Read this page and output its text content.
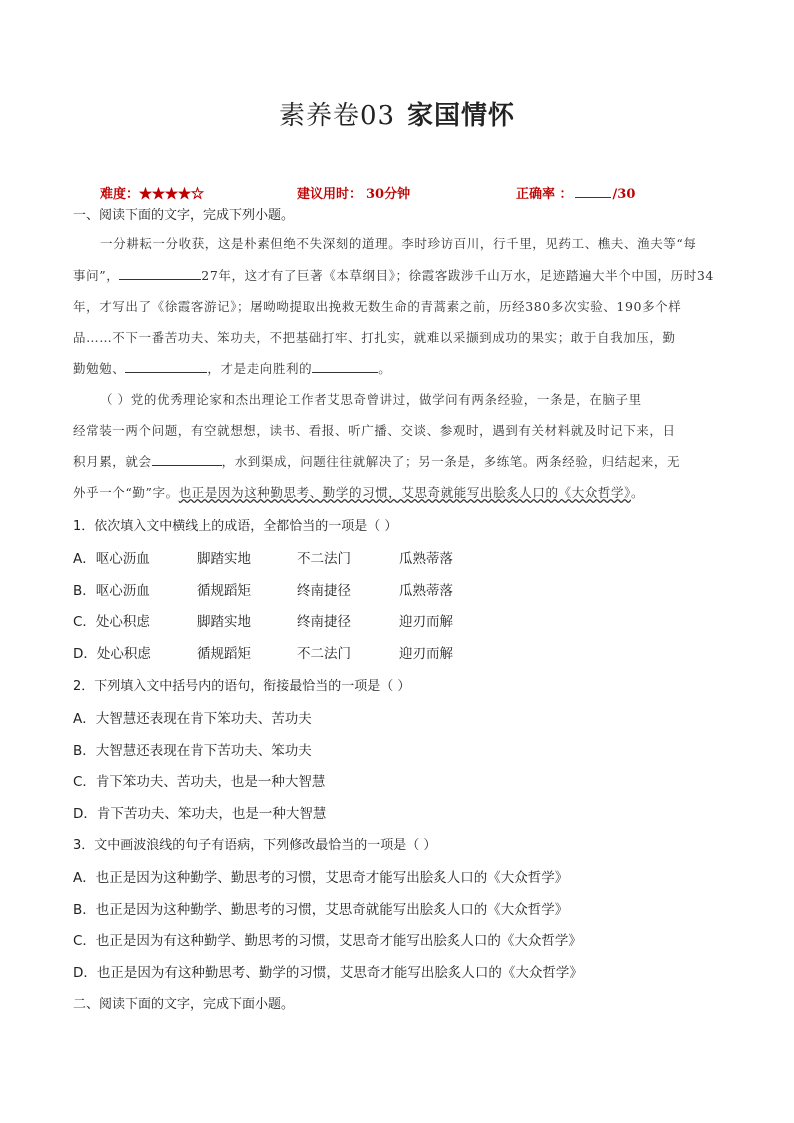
素养卷03 家国情怀
难度：★★★★☆	建议用时： 30分钟	正确率 ：	/30
一、阅读下面的文字，完成下列小题。
一分耕耘一分收获，这是朴素但绝不失深刻的道理。李时珍访百川，行千里，见药工、樵夫、渔夫等“每
事问”，	27年，这才有了巨著《本草纲目》；徐霞客跋涉千山万水，足迹踏遍大半个中国，历时34
年，才写出了《徐霞客游记》；屠呦呦提取出挽救无数生命的青蒿素之前，历经380多次实验、190多个样
品……不下一番苦功夫、笨功夫，不把基础打牢、打扎实，就难以采撷到成功的果实；敢于自我加压，勤
勤勉勉、	，才是走向胜利的	。
（ ）党的优秀理论家和杰出理论工作者艾思奇曾讲过，做学问有两条经验，一条是，在脑子里
经常装一两个问题，有空就想想，读书、看报、听广播、交谈、参观时，遇到有关材料就及时记下来，日
积月累，就会	，水到渠成，问题往往就解决了；另一条是，多练笔。两条经验，归结起来，无
外乎一个“勤”字。也正是因为这种勤思考、勤学的习惯，艾思奇就能写出脍炙人口的《大众哲学》。
1．依次填入文中横线上的成语，全都恰当的一项是（ ）
A．呕心沥血	脚踏实地	不二法门	瓜熟蒂落
B．呕心沥血	循规蹈矩	终南捷径	瓜熟蒂落
C．处心积虑	脚踏实地	终南捷径	迎刃而解
D．处心积虑	循规蹈矩	不二法门	迎刃而解
2．下列填入文中括号内的语句，衔接最恰当的一项是（ ）
A．大智慧还表现在肯下笨功夫、苦功夫
B．大智慧还表现在肯下苦功夫、笨功夫
C．肯下笨功夫、苦功夫，也是一种大智慧
D．肯下苦功夫、笨功夫，也是一种大智慧
3．文中画波浪线的句子有语病，下列修改最恰当的一项是（ ）
A．也正是因为这种勤学、勤思考的习惯，艾思奇才能写出脍炙人口的《大众哲学》
B．也正是因为这种勤学、勤思考的习惯，艾思奇就能写出脍炙人口的《大众哲学》
C．也正是因为有这种勤学、勤思考的习惯，艾思奇才能写出脍炙人口的《大众哲学》
D．也正是因为有这种勤思考、勤学的习惯，艾思奇才能写出脍炙人口的《大众哲学》
二、阅读下面的文字，完成下面小题。
